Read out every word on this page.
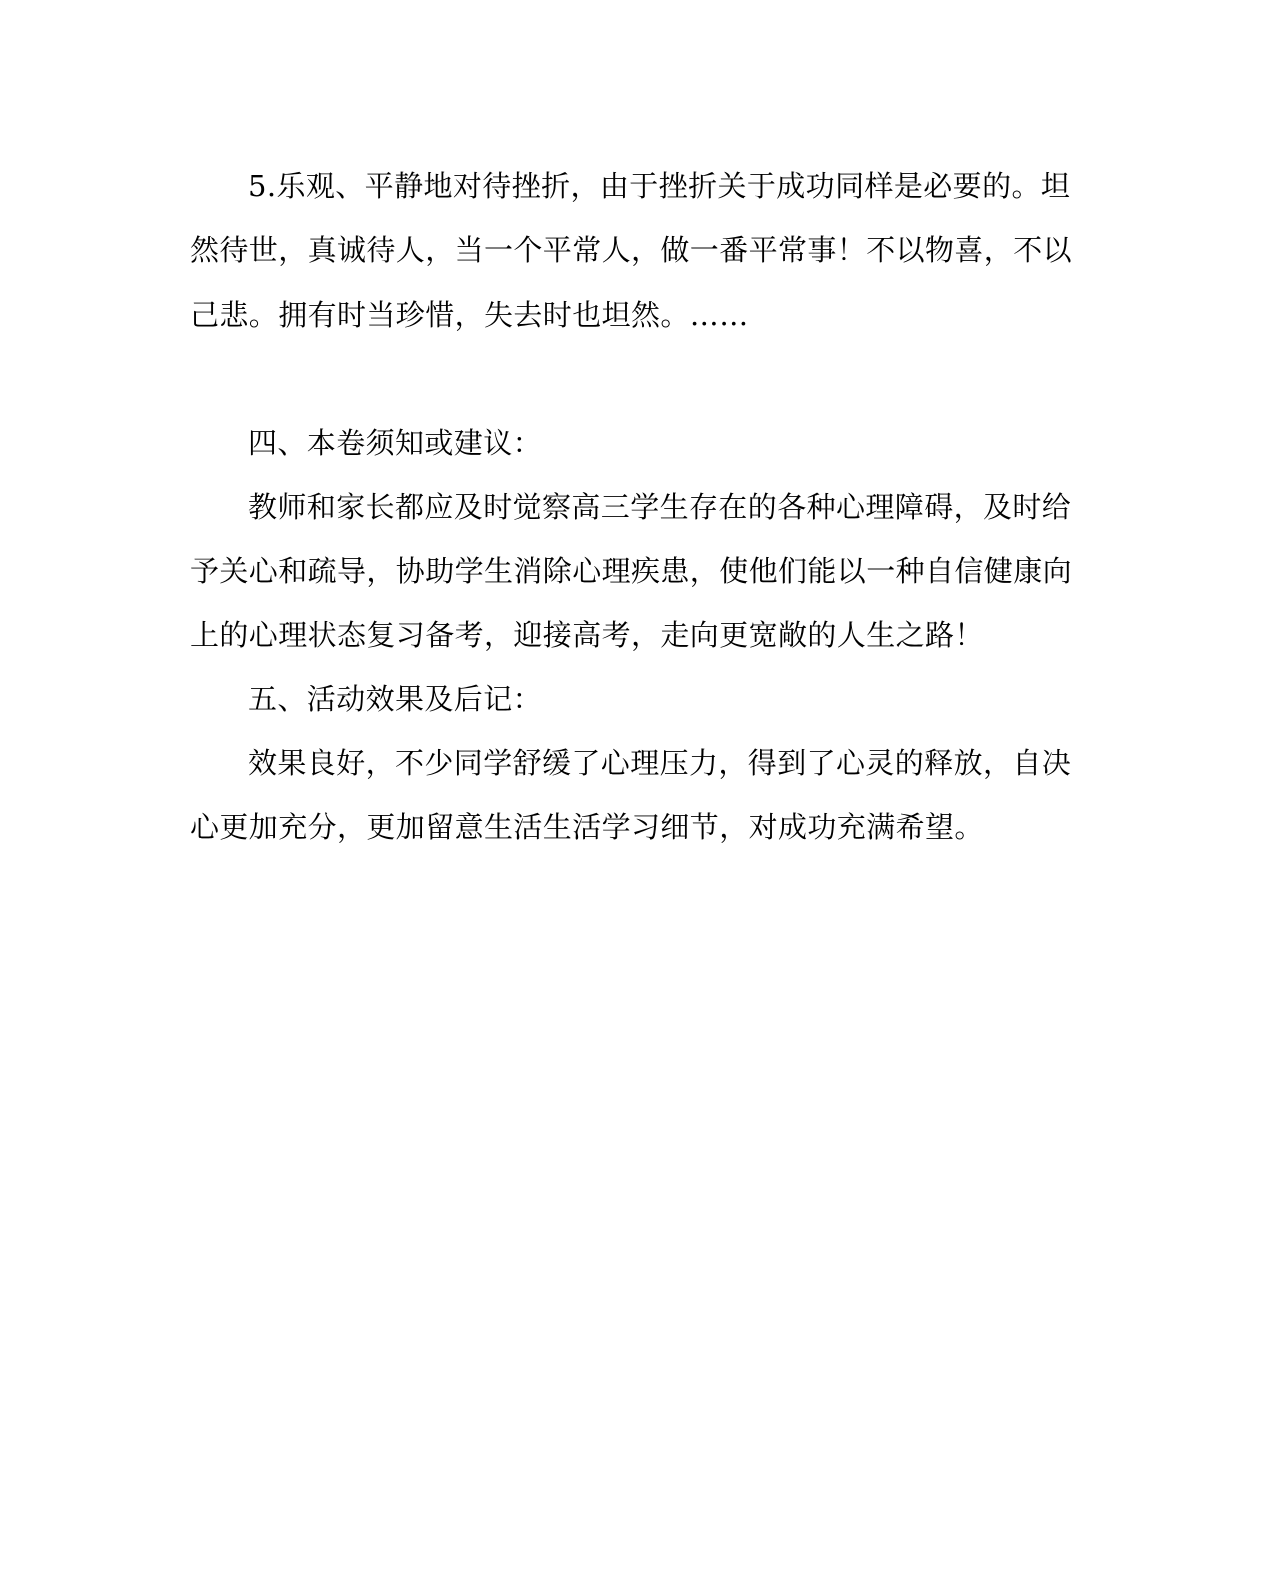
5.乐观、平静地对待挫折，由于挫折关于成功同样是必要的。坦
然待世，真诚待人，当一个平常人，做一番平常事！不以物喜，不以
己悲。拥有时当珍惜，失去时也坦然。……
四、本卷须知或建议：
教师和家长都应及时觉察高三学生存在的各种心理障碍，及时给
予关心和疏导，协助学生消除心理疾患，使他们能以一种自信健康向
上的心理状态复习备考，迎接高考，走向更宽敞的人生之路！
五、活动效果及后记：
效果良好，不少同学舒缓了心理压力，得到了心灵的释放，自决
心更加充分，更加留意生活生活学习细节，对成功充满希望。
